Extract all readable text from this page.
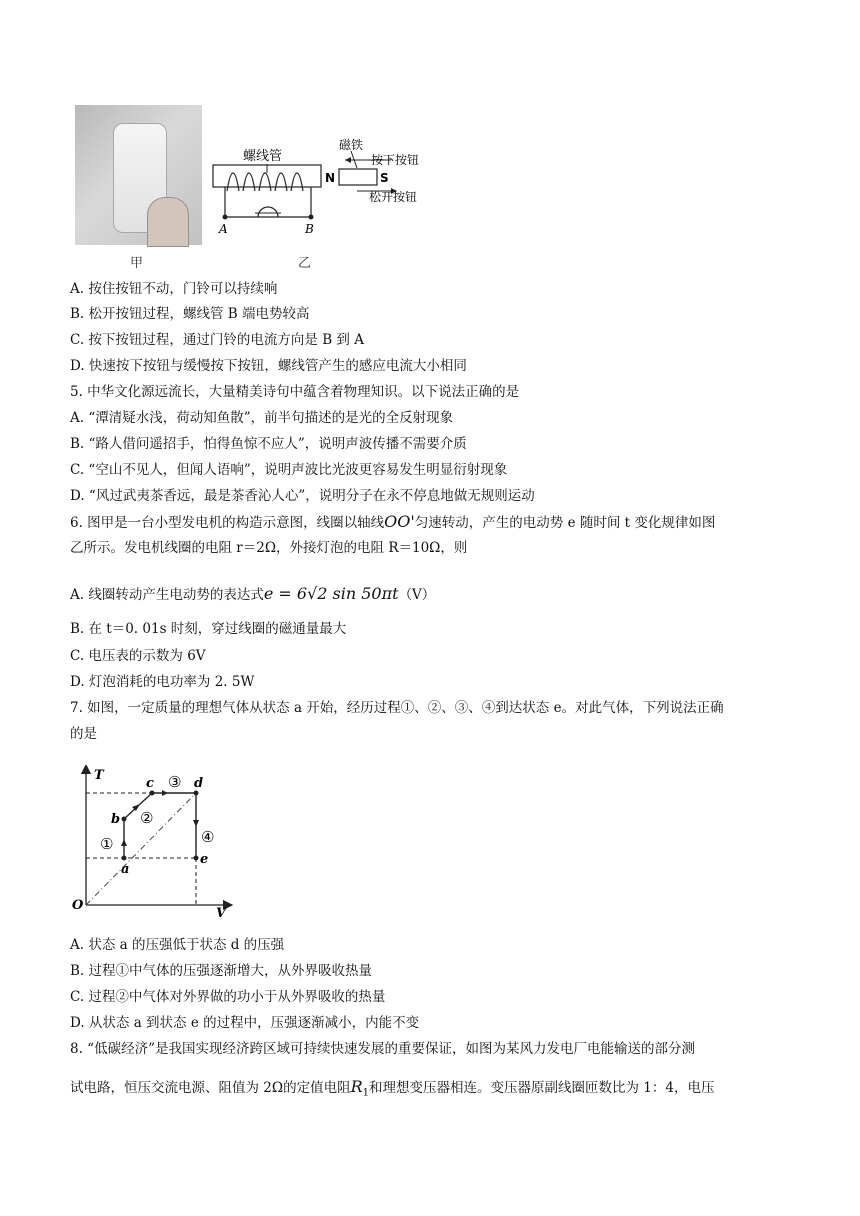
甲
螺线管
N	S
磁铁
按下按钮
松开按钮
A	B
乙
A. 按住按钮不动，门铃可以持续响
B. 松开按钮过程，螺线管 B 端电势较高
C. 按下按钮过程，通过门铃的电流方向是 B 到 A
D. 快速按下按钮与缓慢按下按钮，螺线管产生的感应电流大小相同
5. 中华文化源远流长，大量精美诗句中蕴含着物理知识。以下说法正确的是
A. “潭清疑水浅，荷动知鱼散”，前半句描述的是光的全反射现象
B. “路人借问遥招手，怕得鱼惊不应人”，说明声波传播不需要介质
C. “空山不见人，但闻人语响”，说明声波比光波更容易发生明显衍射现象
D. “风过武夷茶香远，最是茶香沁人心”，说明分子在永不停息地做无规则运动
6. 图甲是一台小型发电机的构造示意图，线圈以轴线OO'匀速转动，产生的电动势 e 随时间 t 变化规律如图
乙所示。发电机线圈的电阻 r＝2Ω，外接灯泡的电阻 R＝10Ω，则
A. 线圈转动产生电动势的表达式e = 6√2 sin 50πt（V）
B. 在 t＝0. 01s 时刻，穿过线圈的磁通量最大
C. 电压表的示数为 6V
D. 灯泡消耗的电功率为 2. 5W
7. 如图，一定质量的理想气体从状态 a 开始，经历过程①、②、③、④到达状态 e。对此气体，下列说法正确
的是
T
V
O
a
b
c	d
e
①
②
③
④
A. 状态 a 的压强低于状态 d 的压强
B. 过程①中气体的压强逐渐增大，从外界吸收热量
C. 过程②中气体对外界做的功小于从外界吸收的热量
D. 从状态 a 到状态 e 的过程中，压强逐渐减小，内能不变
8. “低碳经济”是我国实现经济跨区域可持续快速发展的重要保证，如图为某风力发电厂电能输送的部分测
试电路，恒压交流电源、阻值为 2Ω的定值电阻$R_1$和理想变压器相连。变压器原副线圈匝数比为 1：4，电压
